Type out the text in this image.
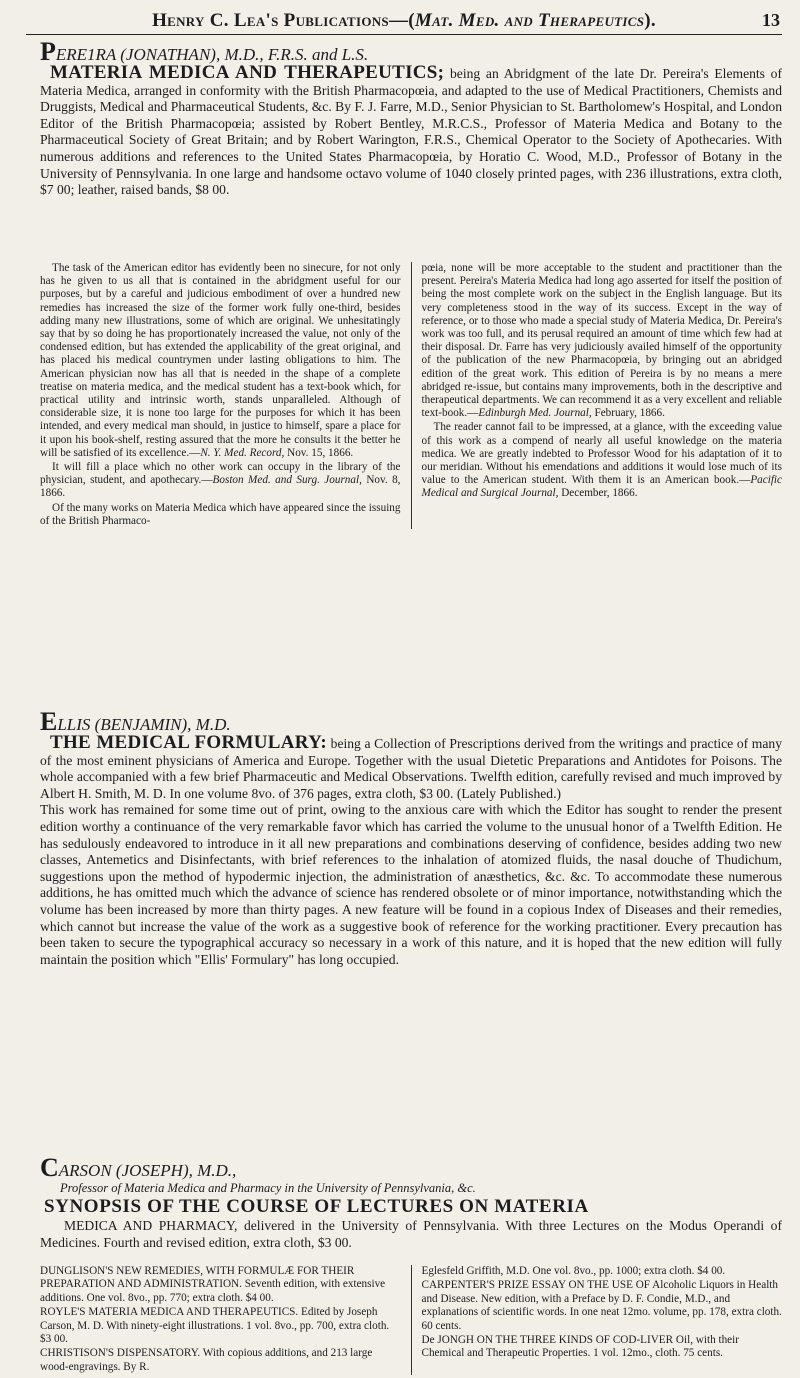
Henry C. Lea's Publications—(Mat. Med. and Therapeutics).	13
PERE1RA (JONATHAN), M.D., F.R.S. and L.S.

MATERIA MEDICA AND THERAPEUTICS; being an Abridgment of the late Dr. Pereira's Elements of Materia Medica, arranged in conformity with the British Pharmacopœia, and adapted to the use of Medical Practitioners, Chemists and Druggists, Medical and Pharmaceutical Students, &c. By F. J. Farre, M.D., Senior Physician to St. Bartholomew's Hospital, and London Editor of the British Pharmacopœia; assisted by Robert Bentley, M.R.C.S., Professor of Materia Medica and Botany to the Pharmaceutical Society of Great Britain; and by Robert Warington, F.R.S., Chemical Operator to the Society of Apothecaries. With numerous additions and references to the United States Pharmacopœia, by Horatio C. Wood, M.D., Professor of Botany in the University of Pennsylvania. In one large and handsome octavo volume of 1040 closely printed pages, with 236 illustrations, extra cloth, $7 00; leather, raised bands, $8 00.

The task of the American editor has evidently been no sinecure, for not only has he given to us all that is contained in the abridgment useful for our purposes, but by a careful and judicious embodiment of over a hundred new remedies has increased the size of the former work fully one-third, besides adding many new illustrations, some of which are original. We unhesitatingly say that by so doing he has proportionately increased the value, not only of the condensed edition, but has extended the applicability of the great original, and has placed his medical countrymen under lasting obligations to him. The American physician now has all that is needed in the shape of a complete treatise on materia medica, and the medical student has a text-book which, for practical utility and intrinsic worth, stands unparalleled. Although of considerable size, it is none too large for the purposes for which it has been intended, and every medical man should, in justice to himself, spare a place for it upon his book-shelf, resting assured that the more he consults it the better he will be satisfied of its excellence.—N. Y. Med. Record, Nov. 15, 1866.

It will fill a place which no other work can occupy in the library of the physician, student, and apothecary.—Boston Med. and Surg. Journal, Nov. 8, 1866.

Of the many works on Materia Medica which have appeared since the issuing of the British Pharmaco-

pœia, none will be more acceptable to the student and practitioner than the present. Pereira's Materia Medica had long ago asserted for itself the position of being the most complete work on the subject in the English language. But its very completeness stood in the way of its success. Except in the way of reference, or to those who made a special study of Materia Medica, Dr. Pereira's work was too full, and its perusal required an amount of time which few had at their disposal. Dr. Farre has very judiciously availed himself of the opportunity of the publication of the new Pharmacopœia, by bringing out an abridged edition of the great work. This edition of Pereira is by no means a mere abridged re-issue, but contains many improvements, both in the descriptive and therapeutical departments. We can recommend it as a very excellent and reliable text-book.—Edinburgh Med. Journal, February, 1866.

The reader cannot fail to be impressed, at a glance, with the exceeding value of this work as a compend of nearly all useful knowledge on the materia medica. We are greatly indebted to Professor Wood for his adaptation of it to our meridian. Without his emendations and additions it would lose much of its value to the American student. With them it is an American book.—Pacific Medical and Surgical Journal, December, 1866.

ELLIS (BENJAMIN), M.D.

THE MEDICAL FORMULARY: being a Collection of Prescriptions derived from the writings and practice of many of the most eminent physicians of America and Europe. Together with the usual Dietetic Preparations and Antidotes for Poisons. The whole accompanied with a few brief Pharmaceutic and Medical Observations. Twelfth edition, carefully revised and much improved by Albert H. Smith, M. D. In one volume 8vo. of 376 pages, extra cloth, $3 00. (Lately Published.)

This work has remained for some time out of print, owing to the anxious care with which the Editor has sought to render the present edition worthy a continuance of the very remarkable favor which has carried the volume to the unusual honor of a Twelfth Edition. He has sedulously endeavored to introduce in it all new preparations and combinations deserving of confidence, besides adding two new classes, Antemetics and Disinfectants, with brief references to the inhalation of atomized fluids, the nasal douche of Thudichum, suggestions upon the method of hypodermic injection, the administration of anæsthetics, &c. &c. To accommodate these numerous additions, he has omitted much which the advance of science has rendered obsolete or of minor importance, notwithstanding which the volume has been increased by more than thirty pages. A new feature will be found in a copious Index of Diseases and their remedies, which cannot but increase the value of the work as a suggestive book of reference for the working practitioner. Every precaution has been taken to secure the typographical accuracy so necessary in a work of this nature, and it is hoped that the new edition will fully maintain the position which "Ellis' Formulary" has long occupied.

CARSON (JOSEPH), M.D.,
Professor of Materia Medica and Pharmacy in the University of Pennsylvania, &c.
SYNOPSIS OF THE COURSE OF LECTURES ON MATERIA

MEDICA AND PHARMACY, delivered in the University of Pennsylvania. With three Lectures on the Modus Operandi of Medicines. Fourth and revised edition, extra cloth, $3 00.

DUNGLISON'S NEW REMEDIES, WITH FORMULÆ FOR THEIR PREPARATION AND ADMINISTRATION. Seventh edition, with extensive additions. One vol. 8vo., pp. 770; extra cloth. $4 00.

ROYLE'S MATERIA MEDICA AND THERAPEUTICS. Edited by Joseph Carson, M. D. With ninety-eight illustrations. 1 vol. 8vo., pp. 700, extra cloth. $3 00.

CHRISTISON'S DISPENSATORY. With copious additions, and 213 large wood-engravings. By R.

Eglesfeld Griffith, M.D. One vol. 8vo., pp. 1000; extra cloth. $4 00.

CARPENTER'S PRIZE ESSAY ON THE USE OF Alcoholic Liquors in Health and Disease. New edition, with a Preface by D. F. Condie, M.D., and explanations of scientific words. In one neat 12mo. volume, pp. 178, extra cloth. 60 cents.

De JONGH ON THE THREE KINDS OF COD-LIVER Oil, with their Chemical and Therapeutic Properties. 1 vol. 12mo., cloth. 75 cents.
